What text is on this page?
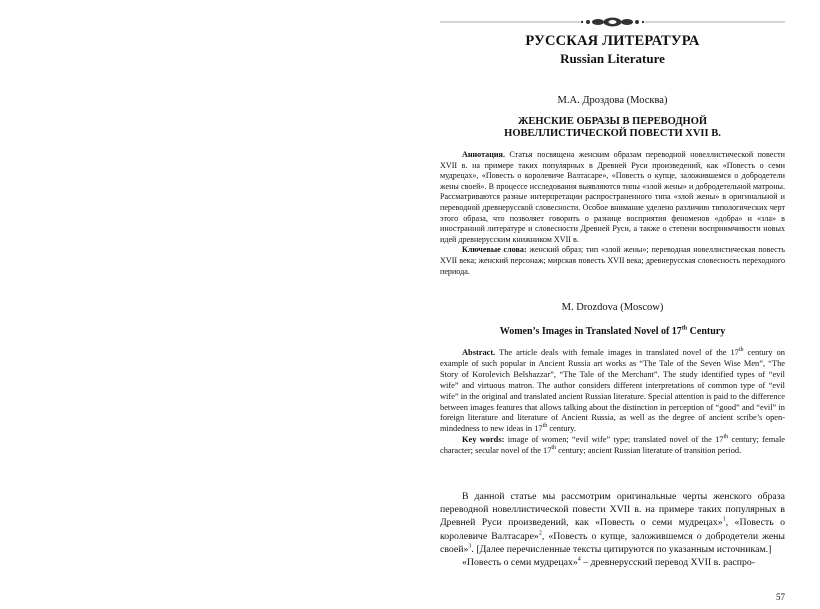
РУССКАЯ ЛИТЕРАТУРА
Russian Literature
М.А. Дроздова (Москва)
ЖЕНСКИЕ ОБРАЗЫ В ПЕРЕВОДНОЙ
НОВЕЛЛИСТИЧЕСКОЙ ПОВЕСТИ XVII В.

Аннотация. Статья посвящена женским образам переводной новеллистической повести XVII в. на примере таких популярных в Древней Руси произведений, как «Повесть о семи мудрецах», «Повесть о королевиче Валтасаре», «Повесть о купце, заложившемся о добродетели жены своей». В процессе исследования выявляются типы «злой жены» и добродетельной матроны. Рассматриваются разные интерпретации распространенного типа «злой жены» в оригинальной и переводной древнерусской словесности. Особое внимание уделено различию типологических черт этого образа, что позволяет говорить о разнице восприятия феноменов «добра» и «зла» в иностранной литературе и словесности Древней Руси, а также о степени восприимчивости новых идей древнерусским книжником XVII в.

Ключевые слова: женский образ; тип «злой жены»; переводная новеллистическая повесть XVII века; женский персонаж; мирская повесть XVII века; древнерусская словесность переходного периода.

M. Drozdova (Moscow)
Women’s Images in Translated Novel of 17th Century

Abstract. The article deals with female images in translated novel of the 17th century on example of such popular in Ancient Russia art works as “The Tale of the Seven Wise Men”, “The Story of Korolevich Belshazzar”, “The Tale of the Merchant”. The study identified types of “evil wife” and virtuous matron. The author considers different interpretations of common type of “evil wife” in the original and translated ancient Russian literature. Special attention is paid to the difference between images features that allows talking about the distinction in perception of “good” and “evil” in foreign literature and literature of Ancient Russia, as well as the degree of ancient scribe’s open-mindedness to new ideas in 17th century.

Key words: image of women; “evil wife” type; translated novel of the 17th century; female character; secular novel of the 17th century; ancient Russian literature of transition period.

В данной статье мы рассмотрим оригинальные черты женского образа переводной новеллистической повести XVII в. на примере таких популярных в Древней Руси произведений, как «Повесть о семи мудрецах»$^1$, «Повесть о королевиче Валтасаре»$^2$, «Повесть о купце, заложившемся о добродетели жены своей»$^3$. [Далее перечисленные тексты цитируются по указанным источникам.]

«Повесть о семи мудрецах»$^4$ – древнерусский перевод XVII в. распро-

57
